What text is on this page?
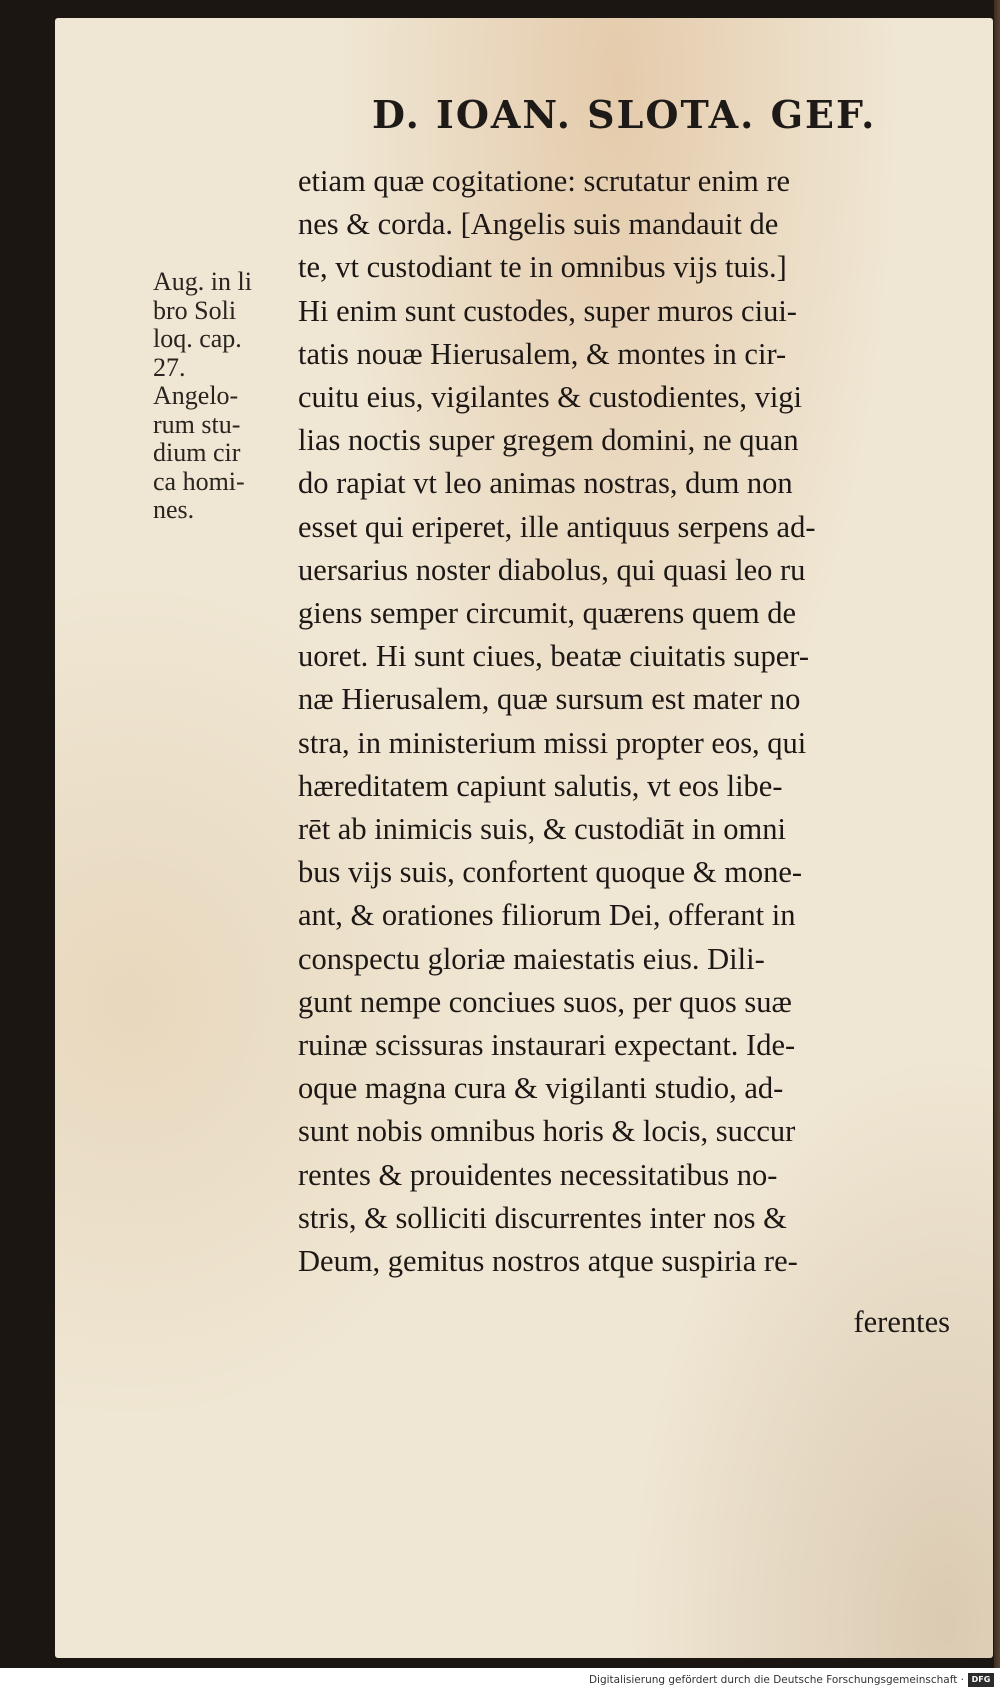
D. IOAN. SLOTA. GEF.
Aug. in li
bro Soli
loq. cap.
27.
Angelo-
rum stu-
dium cir
ca homi-
nes.
etiam quæ cogitatione: scrutatur enim re
nes & corda. [Angelis suis mandauit de
te, vt custodiant te in omnibus vijs tuis.]
Hi enim sunt custodes, super muros ciui-
tatis nouæ Hierusalem, & montes in cir-
cuitu eius, vigilantes & custodientes, vigi
lias noctis super gregem domini, ne quan
do rapiat vt leo animas nostras, dum non
esset qui eriperet, ille antiquus serpens ad-
uersarius noster diabolus, qui quasi leo ru
giens semper circumit, quærens quem de
uoret. Hi sunt ciues, beatæ ciuitatis super-
næ Hierusalem, quæ sursum est mater no
stra, in ministerium missi propter eos, qui
hæreditatem capiunt salutis, vt eos libe-
rēt ab inimicis suis, & custodiāt in omni
bus vijs suis, confortent quoque & mone-
ant, & orationes filiorum Dei, offerant in
conspectu gloriæ maiestatis eius. Dili-
gunt nempe conciues suos, per quos suæ
ruinæ scissuras instaurari expectant. Ide-
oque magna cura & vigilanti studio, ad-
sunt nobis omnibus horis & locis, succur
rentes & prouidentes necessitatibus no-
stris, & solliciti discurrentes inter nos &
Deum, gemitus nostros atque suspiria re-
ferentes
Digitalisierung gefördert durch die Deutsche Forschungsgemeinschaft · DFG
